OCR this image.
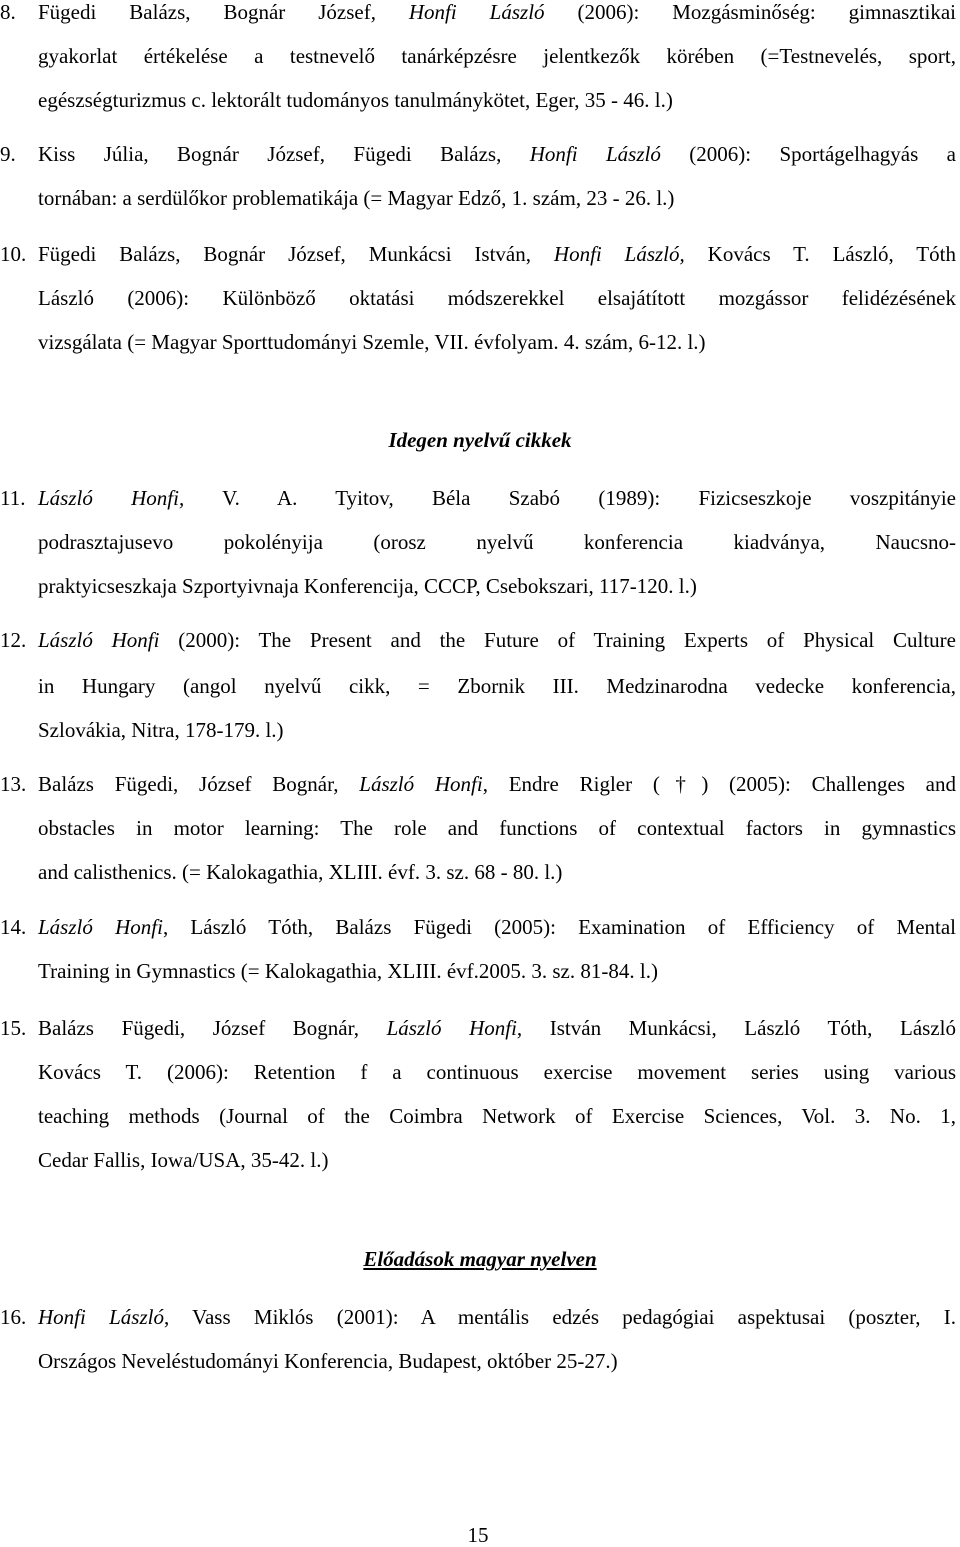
8.	Fügedi Balázs, Bognár József, Honfi László (2006): Mozgásminőség: gimnasztikai
gyakorlat értékelése a testnevelő tanárképzésre jelentkezők körében (=Testnevelés, sport,
egészségturizmus c. lektorált tudományos tanulmánykötet, Eger, 35 - 46. l.)
9.	Kiss Júlia, Bognár József, Fügedi Balázs, Honfi László (2006): Sportágelhagyás a
tornában: a serdülőkor problematikája (= Magyar Edző, 1. szám, 23 - 26. l.)
10. Fügedi Balázs, Bognár József, Munkácsi István, Honfi László, Kovács T. László, Tóth
László (2006): Különböző oktatási módszerekkel elsajátított mozgássor felidézésének
vizsgálata (= Magyar Sporttudományi Szemle, VII. évfolyam. 4. szám, 6-12. l.)
Idegen nyelvű cikkek
11. László Honfi, V. A. Tyitov, Béla Szabó (1989): Fizicseszkoje voszpitányie
podrasztajusevo pokolényija (orosz nyelvű konferencia kiadványa, Naucsno-
praktyicseszkaja Szportyivnaja Konferencija, CCCP, Csebokszari, 117-120. l.)
12. László Honfi (2000): The Present and the Future of Training Experts of Physical Culture
in Hungary (angol nyelvű cikk, = Zbornik III. Medzinarodna vedecke konferencia,
Szlovákia, Nitra, 178-179. l.)
13. Balázs Fügedi, József Bognár, László Honfi, Endre Rigler (†) (2005): Challenges and
obstacles in motor learning: The role and functions of contextual factors in gymnastics
and calisthenics. (= Kalokagathia, XLIII. évf. 3. sz. 68 - 80. l.)
14. László Honfi, László Tóth, Balázs Fügedi (2005): Examination of Efficiency of Mental
Training in Gymnastics (= Kalokagathia, XLIII. évf.2005. 3. sz. 81-84. l.)
15. Balázs Fügedi, József Bognár, László Honfi, István Munkácsi, László Tóth, László
Kovács T. (2006): Retention f a continuous exercise movement series using various
teaching methods (Journal of the Coimbra Network of Exercise Sciences, Vol. 3. No. 1,
Cedar Fallis, Iowa/USA, 35-42. l.)
Előadások magyar nyelven
16. Honfi László, Vass Miklós (2001): A mentális edzés pedagógiai aspektusai (poszter, I.
Országos Neveléstudományi Konferencia, Budapest, október 25-27.)
15
